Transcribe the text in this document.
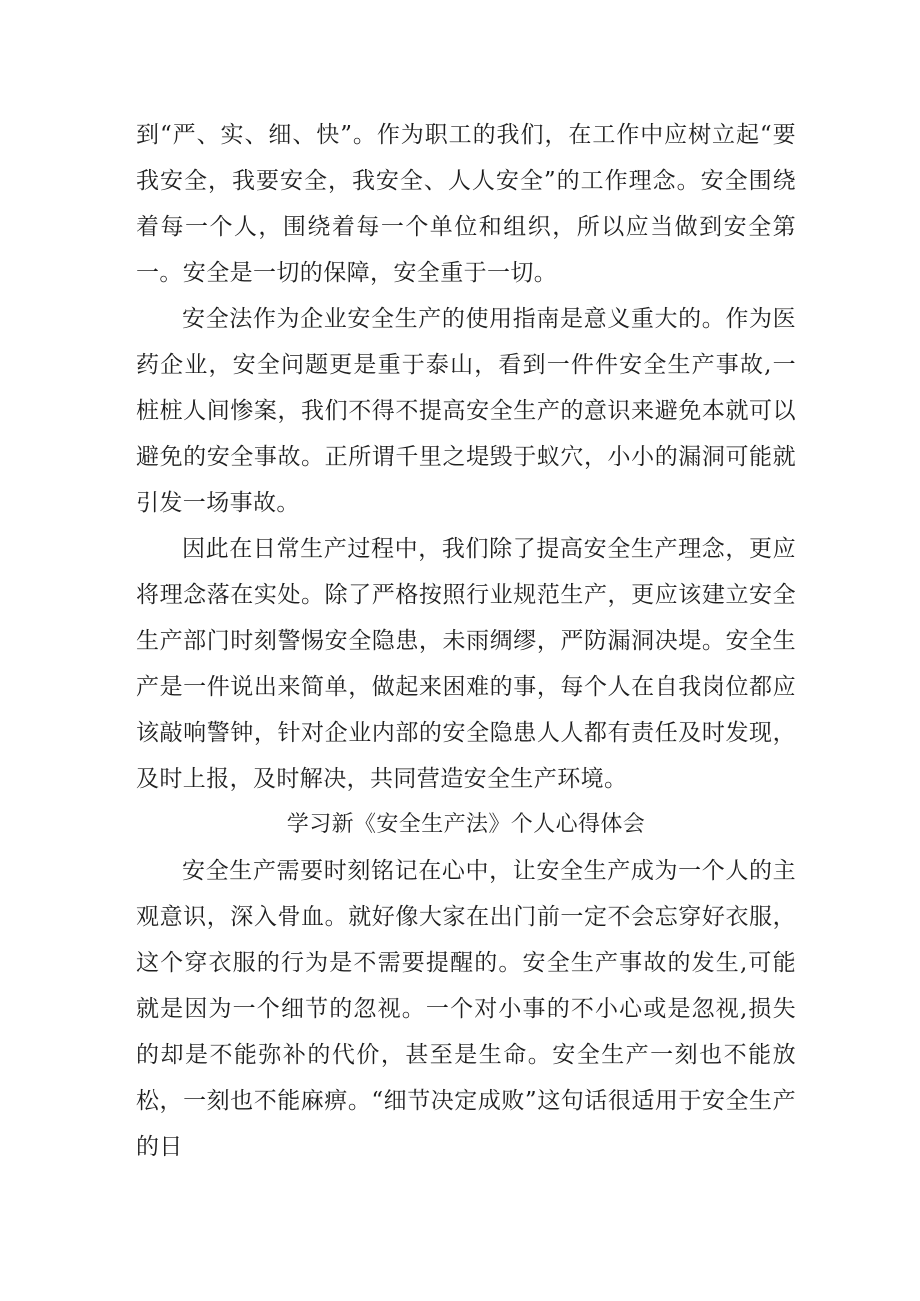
到“严、实、细、快”。作为职工的我们，在工作中应树立起“要我安全，我要安全，我安全、人人安全”的工作理念。安全围绕着每一个人，围绕着每一个单位和组织，所以应当做到安全第一。安全是一切的保障，安全重于一切。

安全法作为企业安全生产的使用指南是意义重大的。作为医药企业，安全问题更是重于泰山，看到一件件安全生产事故,一桩桩人间惨案，我们不得不提高安全生产的意识来避免本就可以避免的安全事故。正所谓千里之堤毁于蚁穴，小小的漏洞可能就引发一场事故。

因此在日常生产过程中，我们除了提高安全生产理念，更应将理念落在实处。除了严格按照行业规范生产，更应该建立安全生产部门时刻警惕安全隐患，未雨绸缪，严防漏洞决堤。安全生产是一件说出来简单，做起来困难的事，每个人在自我岗位都应该敲响警钟，针对企业内部的安全隐患人人都有责任及时发现，及时上报，及时解决，共同营造安全生产环境。

学习新《安全生产法》个人心得体会

安全生产需要时刻铭记在心中，让安全生产成为一个人的主观意识，深入骨血。就好像大家在出门前一定不会忘穿好衣服，这个穿衣服的行为是不需要提醒的。安全生产事故的发生,可能就是因为一个细节的忽视。一个对小事的不小心或是忽视,损失的却是不能弥补的代价，甚至是生命。安全生产一刻也不能放松，一刻也不能麻痹。“细节决定成败”这句话很适用于安全生产的日
